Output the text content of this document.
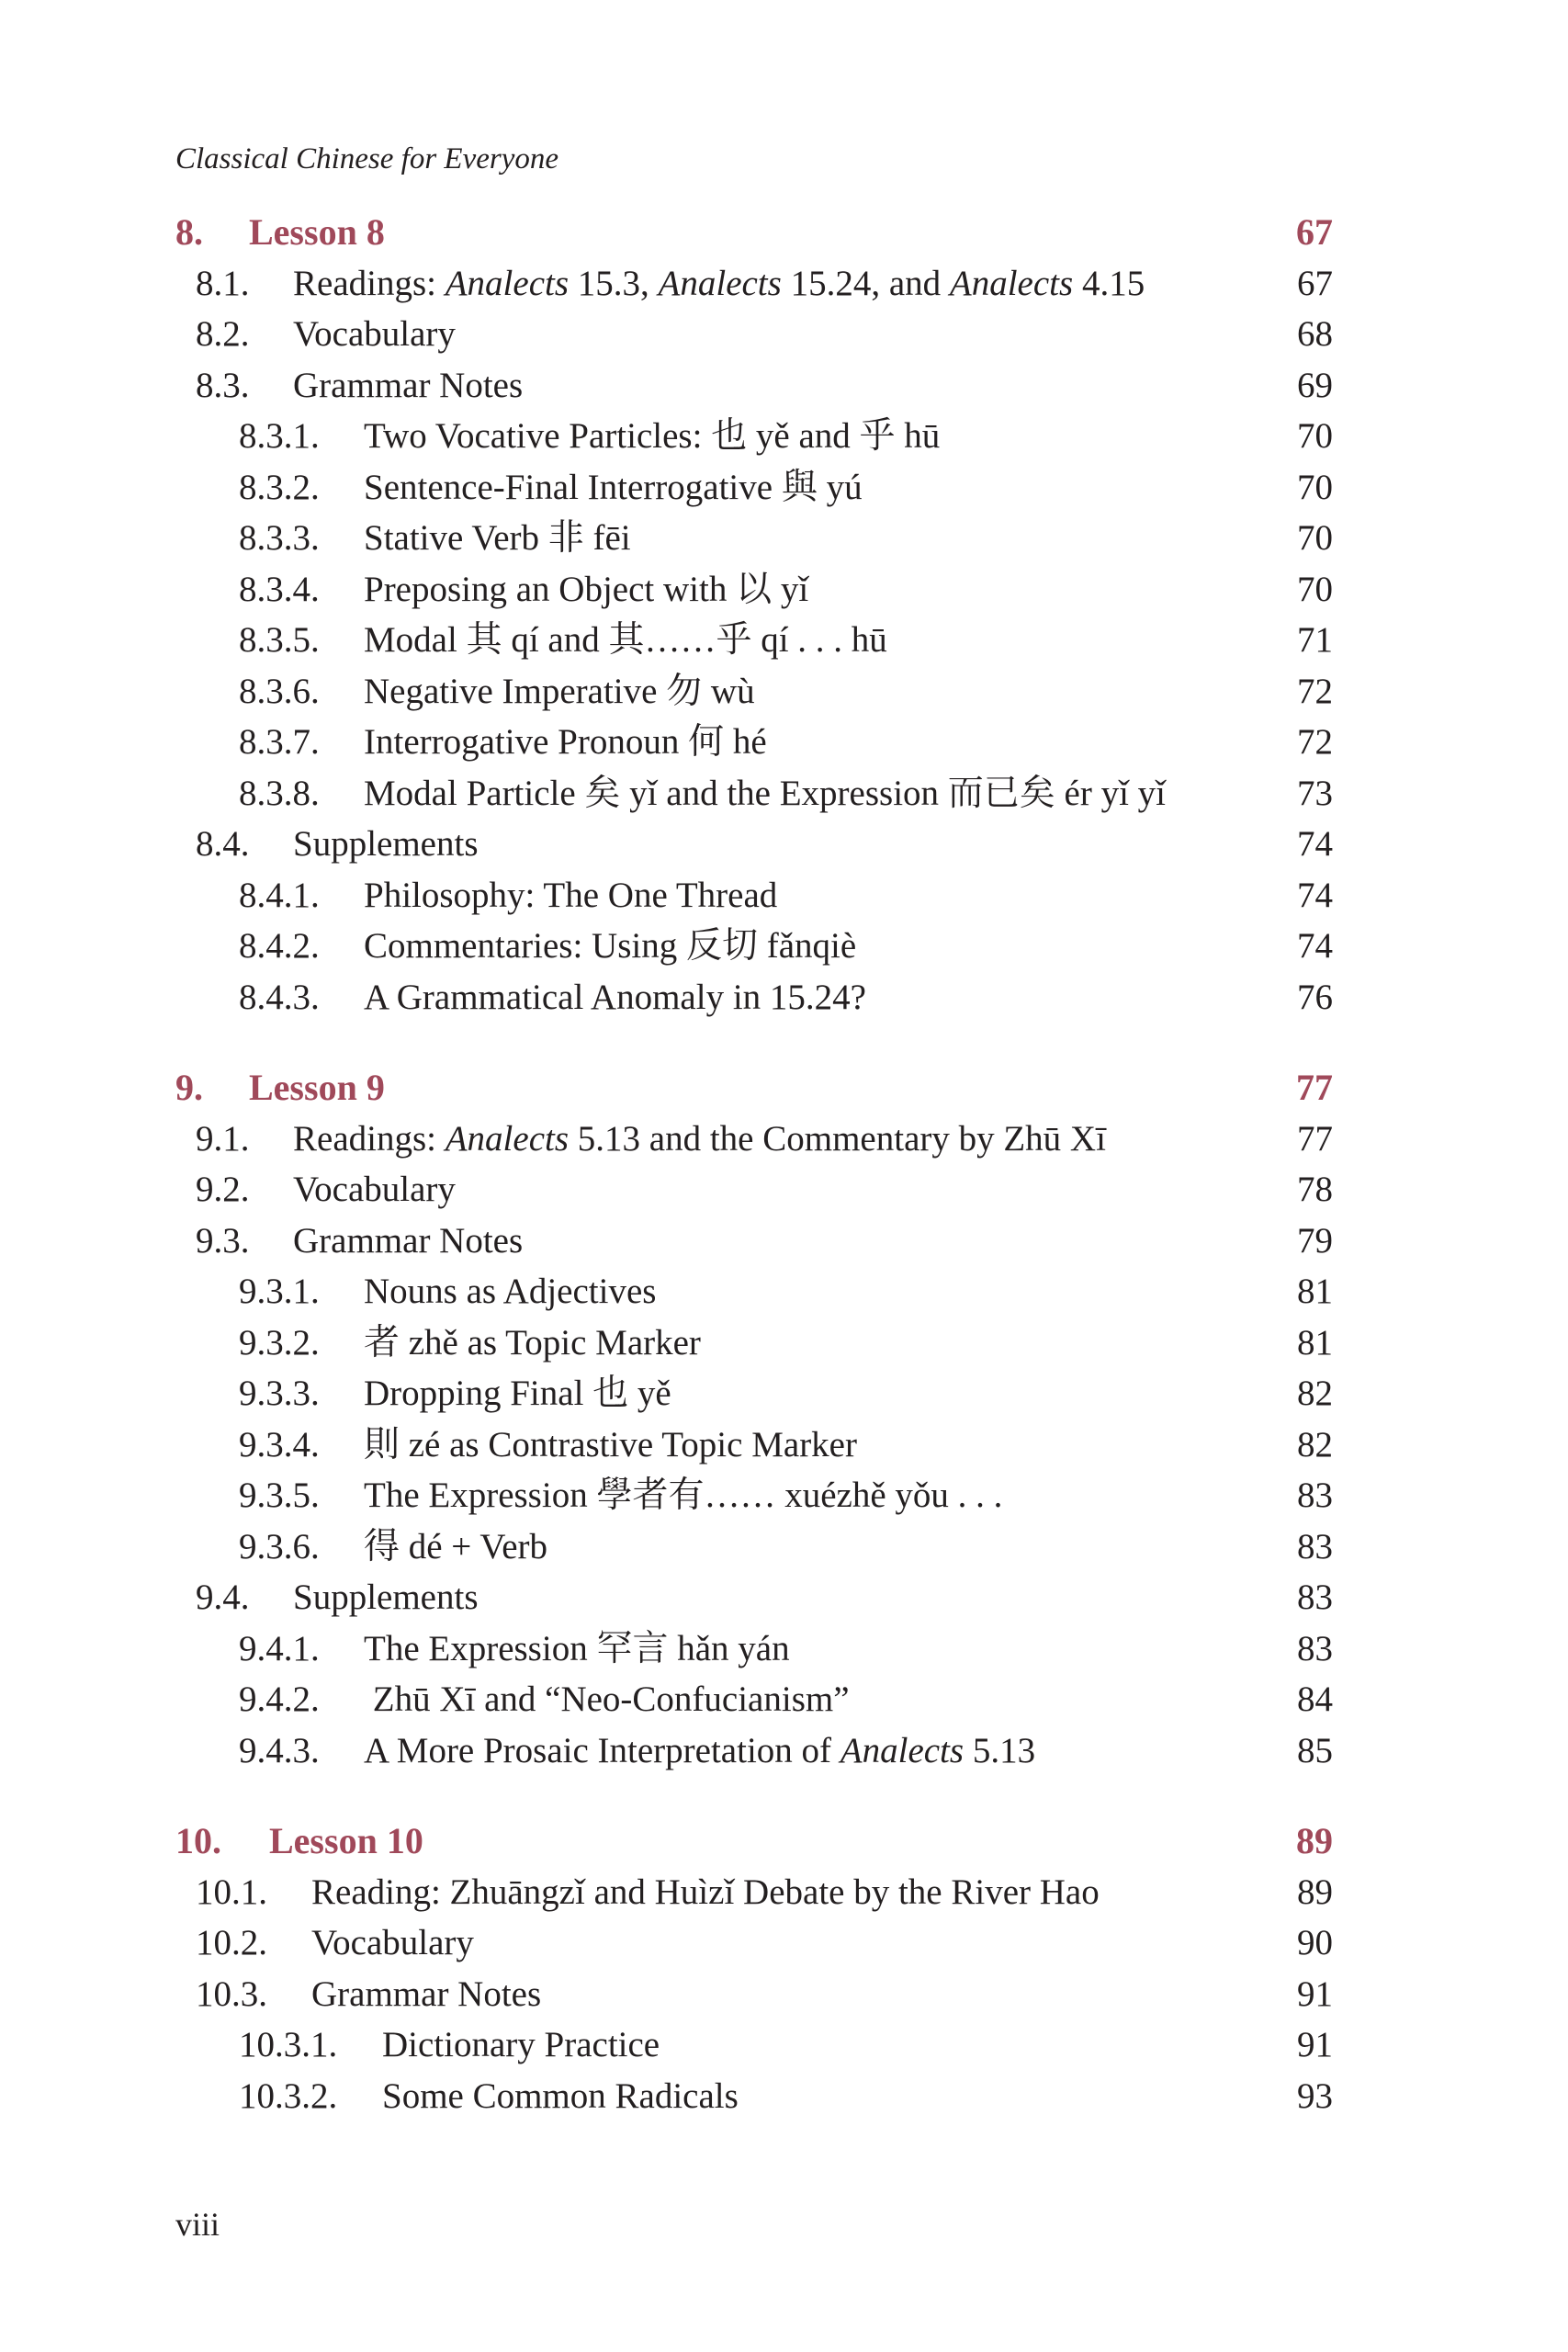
Classical Chinese for Everyone
8.	Lesson 8	67
8.1.	Readings: Analects 15.3, Analects 15.24, and Analects 4.15	67
8.2.	Vocabulary	68
8.3.	Grammar Notes	69
8.3.1.	Two Vocative Particles: 也 yě and 乎 hū	70
8.3.2.	Sentence-Final Interrogative 與 yú	70
8.3.3.	Stative Verb 非 fēi	70
8.3.4.	Preposing an Object with 以 yǐ	70
8.3.5.	Modal 其 qí and 其……乎 qí . . . hū	71
8.3.6.	Negative Imperative 勿 wù	72
8.3.7.	Interrogative Pronoun 何 hé	72
8.3.8.	Modal Particle 矣 yǐ and the Expression 而已矣 ér yǐ yǐ	73
8.4.	Supplements	74
8.4.1.	Philosophy: The One Thread	74
8.4.2.	Commentaries: Using 反切 fǎnqiè	74
8.4.3.	A Grammatical Anomaly in 15.24?	76
9.	Lesson 9	77
9.1.	Readings: Analects 5.13 and the Commentary by Zhū Xī	77
9.2.	Vocabulary	78
9.3.	Grammar Notes	79
9.3.1.	Nouns as Adjectives	81
9.3.2.	者 zhě as Topic Marker	81
9.3.3.	Dropping Final 也 yě	82
9.3.4.	則 zé as Contrastive Topic Marker	82
9.3.5.	The Expression 學者有…… xuézhě yǒu . . .	83
9.3.6.	得 dé + Verb	83
9.4.	Supplements	83
9.4.1.	The Expression 罕言 hǎn yán	83
9.4.2.	Zhū Xī and “Neo-Confucianism”	84
9.4.3.	A More Prosaic Interpretation of Analects 5.13	85
10.	Lesson 10	89
10.1.	Reading: Zhuāngzǐ and Huìzǐ Debate by the River Hao	89
10.2.	Vocabulary	90
10.3.	Grammar Notes	91
10.3.1.	Dictionary Practice	91
10.3.2.	Some Common Radicals	93
viii
